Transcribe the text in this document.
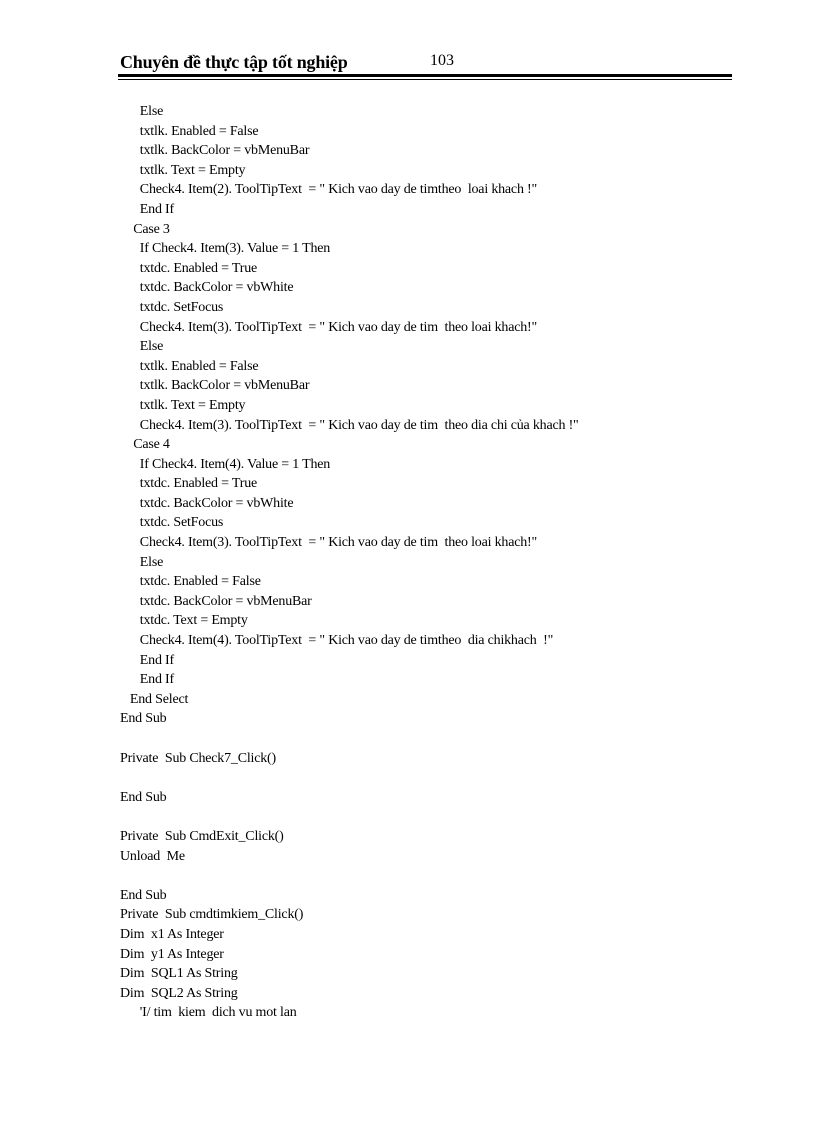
Chuyên đề thực tập tốt nghiệp	103
Else
txtlk. Enabled = False
txtlk. BackColor = vbMenuBar
txtlk. Text = Empty
Check4. Item(2). ToolTipText  = " Kich vao day de timtheo  loai khach !"
End If
Case 3
If Check4. Item(3). Value = 1 Then
txtdc. Enabled = True
txtdc. BackColor = vbWhite
txtdc. SetFocus
Check4. Item(3). ToolTipText  = " Kich vao day de tim  theo loai khach!"
Else
txtlk. Enabled = False
txtlk. BackColor = vbMenuBar
txtlk. Text = Empty
Check4. Item(3). ToolTipText  = " Kich vao day de tim  theo dia chi của khach !"
Case 4
If Check4. Item(4). Value = 1 Then
txtdc. Enabled = True
txtdc. BackColor = vbWhite
txtdc. SetFocus
Check4. Item(3). ToolTipText  = " Kich vao day de tim  theo loai khach!"
Else
txtdc. Enabled = False
txtdc. BackColor = vbMenuBar
txtdc. Text = Empty
Check4. Item(4). ToolTipText  = " Kich vao day de timtheo  dia chikhach  !"
End If
End If
End Select
End Sub
Private  Sub Check7_Click()
End Sub
Private  Sub CmdExit_Click()
Unload  Me
End Sub
Private  Sub cmdtimkiem_Click()
Dim  x1 As Integer
Dim  y1 As Integer
Dim  SQL1 As String
Dim  SQL2 As String
'I/ tim  kiem  dich vu mot lan
